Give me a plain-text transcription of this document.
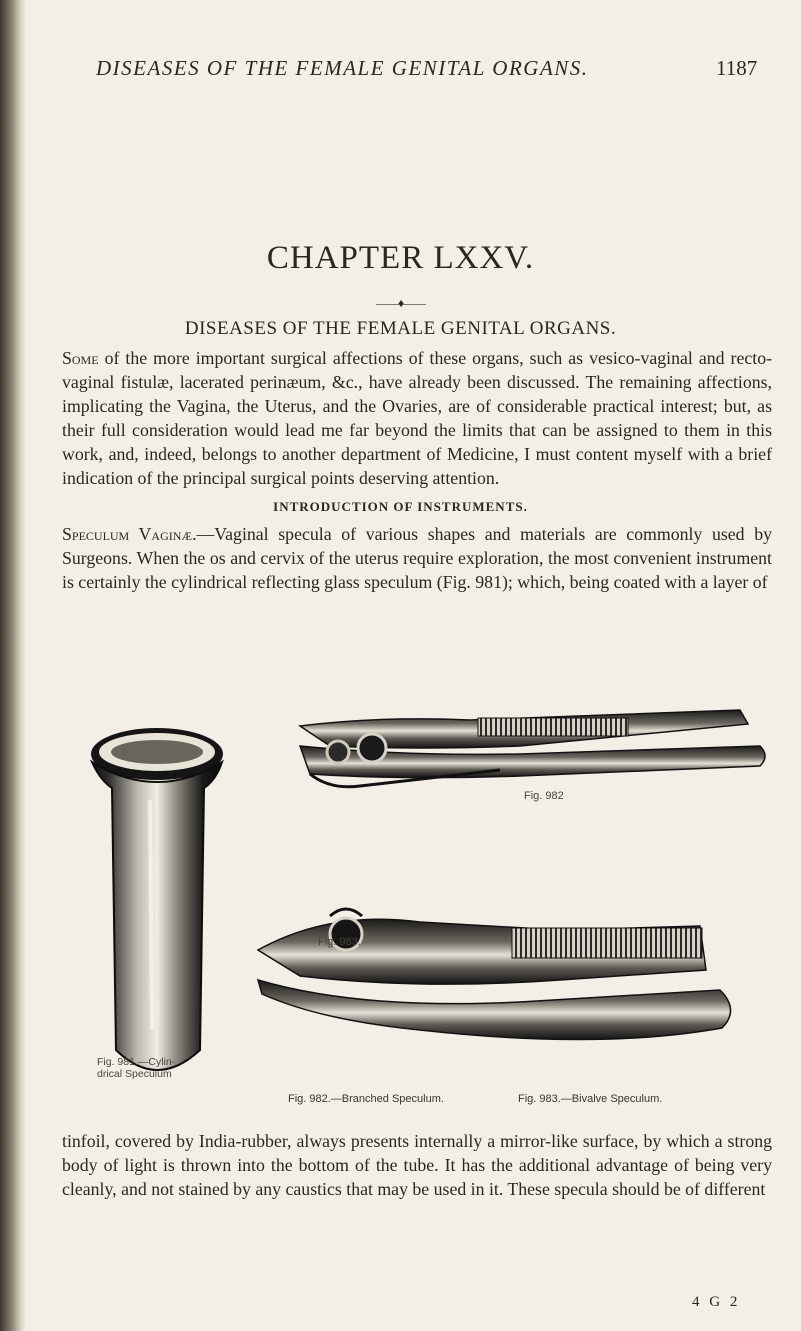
DISEASES OF THE FEMALE GENITAL ORGANS.	1187
CHAPTER LXXV.
——♦——
DISEASES OF THE FEMALE GENITAL ORGANS.

Some of the more important surgical affections of these organs, such as vesico-vaginal and recto-vaginal fistulæ, lacerated perinæum, &c., have already been discussed. The remaining affections, implicating the Vagina, the Uterus, and the Ovaries, are of considerable practical interest; but, as their full consideration would lead me far beyond the limits that can be assigned to them in this work, and, indeed, belongs to another department of Medicine, I must content myself with a brief indication of the principal surgical points deserving attention.

INTRODUCTION OF INSTRUMENTS.

Speculum Vaginæ.—Vaginal specula of various shapes and materials are commonly used by Surgeons. When the os and cervix of the uterus require exploration, the most convenient instrument is certainly the cylindrical reflecting glass speculum (Fig. 981); which, being coated with a layer of

Fig. 982
Fig. 983.
Fig. 981.—Cylin-
drical Speculum
Fig. 982.—Branched Speculum.	Fig. 983.—Bivalve Speculum.

tinfoil, covered by India-rubber, always presents internally a mirror-like surface, by which a strong body of light is thrown into the bottom of the tube. It has the additional advantage of being very cleanly, and not stained by any caustics that may be used in it. These specula should be of different

4 G 2
